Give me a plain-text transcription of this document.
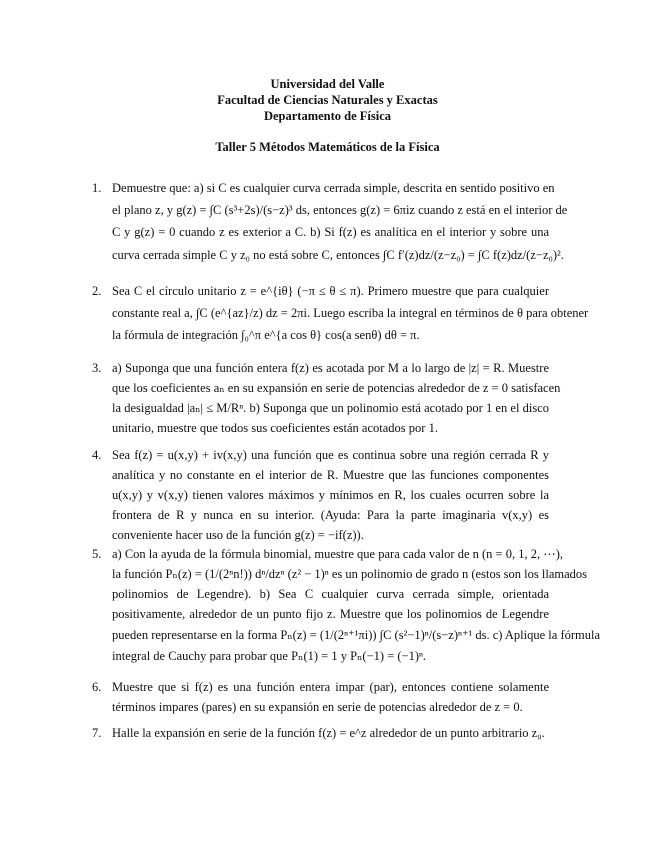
Universidad del Valle
Facultad de Ciencias Naturales y Exactas
Departamento de Física
Taller 5 Métodos Matemáticos de la Física
1. Demuestre que: a) si C es cualquier curva cerrada simple, descrita en sentido positivo en
el plano z, y g(z) = ∫C (s³+2s)/(s−z)³ ds, entonces g(z) = 6πiz cuando z está en el interior de
C y g(z) = 0 cuando z es exterior a C. b) Si f(z) es analítica en el interior y sobre una
curva cerrada simple C y z₀ no está sobre C, entonces ∫C f′(z)dz/(z−z₀) = ∫C f(z)dz/(z−z₀)².
2. Sea C el círculo unitario z = e^{iθ} (−π ≤ θ ≤ π). Primero muestre que para cualquier
constante real a, ∫C (e^{az}/z) dz = 2πi. Luego escriba la integral en términos de θ para obtener
la fórmula de integración ∫₀^π e^{a cos θ} cos(a senθ) dθ = π.
3. a) Suponga que una función entera f(z) es acotada por M a lo largo de |z| = R. Muestre
que los coeficientes aₙ en su expansión en serie de potencias alrededor de z = 0 satisfacen
la desigualdad |aₙ| ≤ M/Rⁿ. b) Suponga que un polinomio está acotado por 1 en el disco
unitario, muestre que todos sus coeficientes están acotados por 1.
4. Sea f(z) = u(x,y) + iv(x,y) una función que es continua sobre una región cerrada R y
analítica y no constante en el interior de R. Muestre que las funciones componentes
u(x,y) y v(x,y) tienen valores máximos y mínimos en R, los cuales ocurren sobre la
frontera de R y nunca en su interior. (Ayuda: Para la parte imaginaria v(x,y) es
conveniente hacer uso de la función g(z) = −if(z)).
5. a) Con la ayuda de la fórmula binomial, muestre que para cada valor de n (n = 0, 1, 2, ⋯),
la función Pₙ(z) = (1/(2ⁿn!)) dⁿ/dzⁿ (z² − 1)ⁿ es un polinomio de grado n (estos son los llamados
polinomios de Legendre). b) Sea C cualquier curva cerrada simple, orientada
positivamente, alrededor de un punto fijo z. Muestre que los polinomios de Legendre
pueden representarse en la forma Pₙ(z) = (1/(2ⁿ⁺¹πi)) ∫C (s²−1)ⁿ/(s−z)ⁿ⁺¹ ds. c) Aplique la fórmula
integral de Cauchy para probar que Pₙ(1) = 1 y Pₙ(−1) = (−1)ⁿ.
6. Muestre que si f(z) es una función entera impar (par), entonces contiene solamente
términos impares (pares) en su expansión en serie de potencias alrededor de z = 0.
7. Halle la expansión en serie de la función f(z) = e^z alrededor de un punto arbitrario z₀.
